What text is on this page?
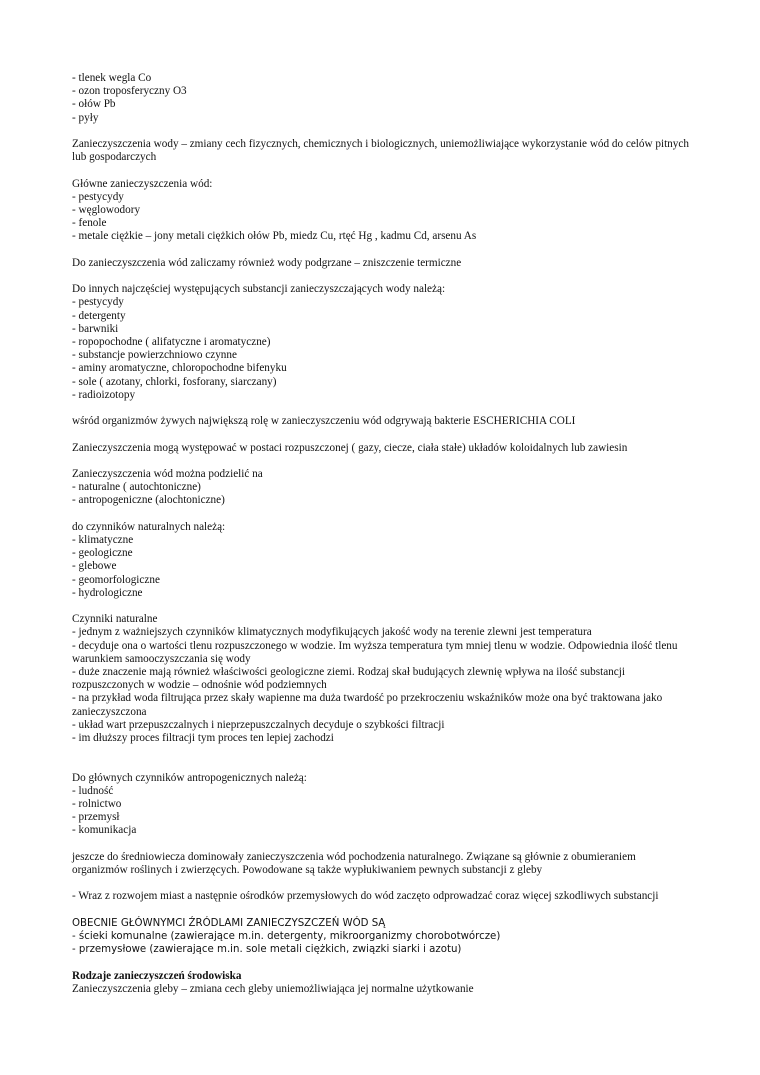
- tlenek wegla Co
- ozon troposferyczny O3
- ołów Pb
- pyły
Zanieczyszczenia wody – zmiany cech fizycznych, chemicznych i biologicznych, uniemożliwiające wykorzystanie wód do celów pitnych lub gospodarczych
Główne zanieczyszczenia wód:
- pestycydy
- węglowodory
- fenole
- metale ciężkie – jony metali ciężkich ołów Pb, miedz Cu, rtęć Hg , kadmu Cd, arsenu As
Do zanieczyszczenia wód zaliczamy również wody podgrzane – zniszczenie termiczne
Do innych najczęściej występujących substancji zanieczyszczających wody należą:
- pestycydy
- detergenty
- barwniki
- ropopochodne ( alifatyczne i aromatyczne)
- substancje powierzchniowo czynne
- aminy aromatyczne, chloropochodne bifenyku
- sole ( azotany, chlorki, fosforany, siarczany)
- radioizotopy
wśród organizmów żywych największą rolę w zanieczyszczeniu wód odgrywają bakterie ESCHERICHIA COLI
Zanieczyszczenia mogą występować w postaci rozpuszczonej ( gazy, ciecze, ciała stałe) układów koloidalnych lub zawiesin
Zanieczyszczenia wód można podzielić na
- naturalne ( autochtoniczne)
- antropogeniczne (alochtoniczne)
do czynników naturalnych należą:
- klimatyczne
- geologiczne
- glebowe
- geomorfologiczne
- hydrologiczne
Czynniki naturalne
- jednym z ważniejszych czynników klimatycznych modyfikujących jakość wody na terenie zlewni jest temperatura
- decyduje ona o wartości tlenu rozpuszczonego w wodzie. Im wyższa temperatura tym mniej tlenu w wodzie. Odpowiednia ilość tlenu warunkiem samooczyszczania się wody
- duże znaczenie mają również właściwości geologiczne ziemi. Rodzaj skał budujących zlewnię wpływa na ilość substancji rozpuszczonych w wodzie – odnośnie wód podziemnych
- na przykład woda filtrująca przez skały wapienne ma duża twardość po przekroczeniu wskaźników może ona być traktowana jako zanieczyszczona
- układ wart przepuszczalnych i nieprzepuszczalnych decyduje o szybkości filtracji
- im dłuższy proces filtracji tym proces ten lepiej zachodzi
Do głównych czynników antropogenicznych należą:
- ludność
- rolnictwo
- przemysł
- komunikacja
jeszcze do średniowiecza dominowały zanieczyszczenia wód pochodzenia naturalnego. Związane są głównie z obumieraniem organizmów roślinych i zwierzęcych. Powodowane są także wypłukiwaniem pewnych substancji z gleby
- Wraz z rozwojem miast a następnie ośrodków przemysłowych do wód zaczęto odprowadzać coraz więcej szkodliwych substancji
OBECNIE GŁÓWNYMCI ŹRÓDLAMI ZANIECZYSZCZEŃ WÓD SĄ
- ścieki komunalne (zawierające m.in. detergenty, mikroorganizmy chorobotwórcze)
- przemysłowe (zawierające m.in. sole metali ciężkich, związki siarki i azotu)
Rodzaje zanieczyszczeń środowiska
Zanieczyszczenia gleby – zmiana cech gleby uniemożliwiająca jej normalne użytkowanie
